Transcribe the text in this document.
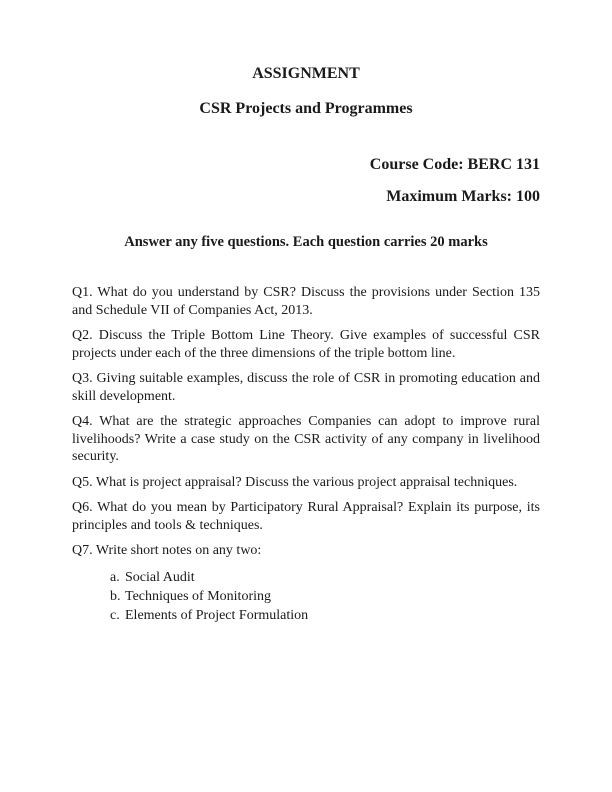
ASSIGNMENT
CSR Projects and Programmes

Course Code: BERC 131

Maximum Marks: 100

Answer any five questions. Each question carries 20 marks

Q1. What do you understand by CSR? Discuss the provisions under Section 135 and Schedule VII of Companies Act, 2013.

Q2. Discuss the Triple Bottom Line Theory. Give examples of successful CSR projects under each of the three dimensions of the triple bottom line.

Q3. Giving suitable examples, discuss the role of CSR in promoting education and skill development.

Q4. What are the strategic approaches Companies can adopt to improve rural livelihoods? Write a case study on the CSR activity of any company in livelihood security.

Q5. What is project appraisal? Discuss the various project appraisal techniques.

Q6. What do you mean by Participatory Rural Appraisal? Explain its purpose, its principles and tools & techniques.

Q7. Write short notes on any two:

a. Social Audit
b. Techniques of Monitoring
c. Elements of Project Formulation
